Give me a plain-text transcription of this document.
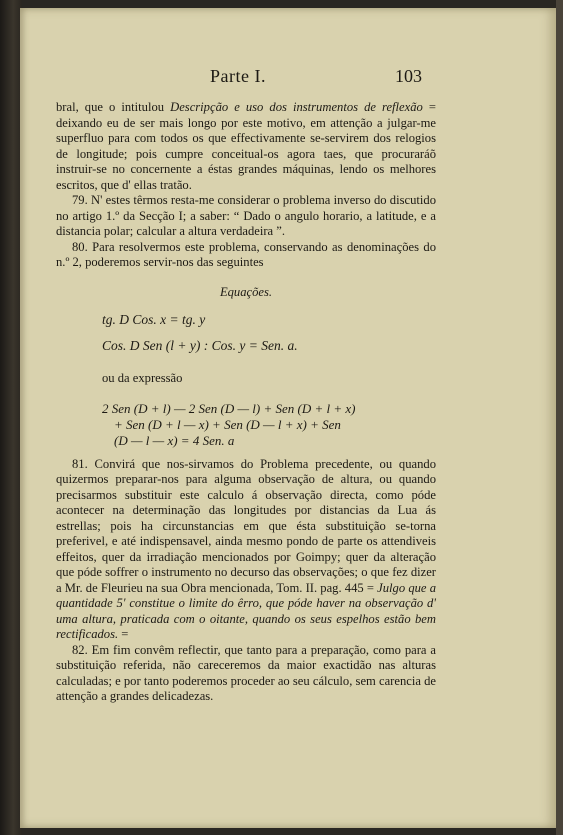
Parte I.	103

bral, que o intitulou Descripção e uso dos instrumentos de reflexão = deixando eu de ser mais longo por este motivo, em attenção a julgar-me superfluo para com todos os que effectivamente se-servirem dos relogios de longitude; pois cumpre conceitual-os agora taes, que procuraráõ instruir-se no concernente a éstas grandes máquinas, lendo os melhores escritos, que d' ellas tratão.

79. N' estes têrmos resta-me considerar o problema inverso do discutido no artigo 1.º da Secção I; a saber: “ Dado o angulo horario, a latitude, e a distancia polar; calcular a altura verdadeira ”.

80. Para resolvermos este problema, conservando as denominações do n.º 2, poderemos servir-nos das seguintes

Equações.

tg. D Cos. x = tg. y

Cos. D Sen (l + y) : Cos. y = Sen. a.

ou da expressão

2 Sen (D + l) — 2 Sen (D — l) + Sen (D + l + x)
+ Sen (D + l — x) + Sen (D — l + x) + Sen
(D — l — x) = 4 Sen. a

81. Convirá que nos-sirvamos do Problema precedente, ou quando quizermos preparar-nos para alguma observação de altura, ou quando precisarmos substituir este calculo á observação directa, como póde acontecer na determinação das longitudes por distancias da Lua ás estrellas; pois ha circunstancias em que ésta substituição se-torna preferivel, e até indispensavel, ainda mesmo pondo de parte os attendiveis effeitos, quer da irradiação mencionados por Goimpy; quer da alteração que póde soffrer o instrumento no decurso das observações; o que fez dizer a Mr. de Fleurieu na sua Obra mencionada, Tom. II. pag. 445 = Julgo que a quantidade 5' constitue o limite do êrro, que póde haver na observação d' uma altura, praticada com o oitante, quando os seus espelhos estão bem rectificados. =

82. Em fim convêm reflectir, que tanto para a preparação, como para a substituição referida, não careceremos da maior exactidão nas alturas calculadas; e por tanto poderemos proceder ao seu cálculo, sem carencia de attenção a grandes delicadezas.
